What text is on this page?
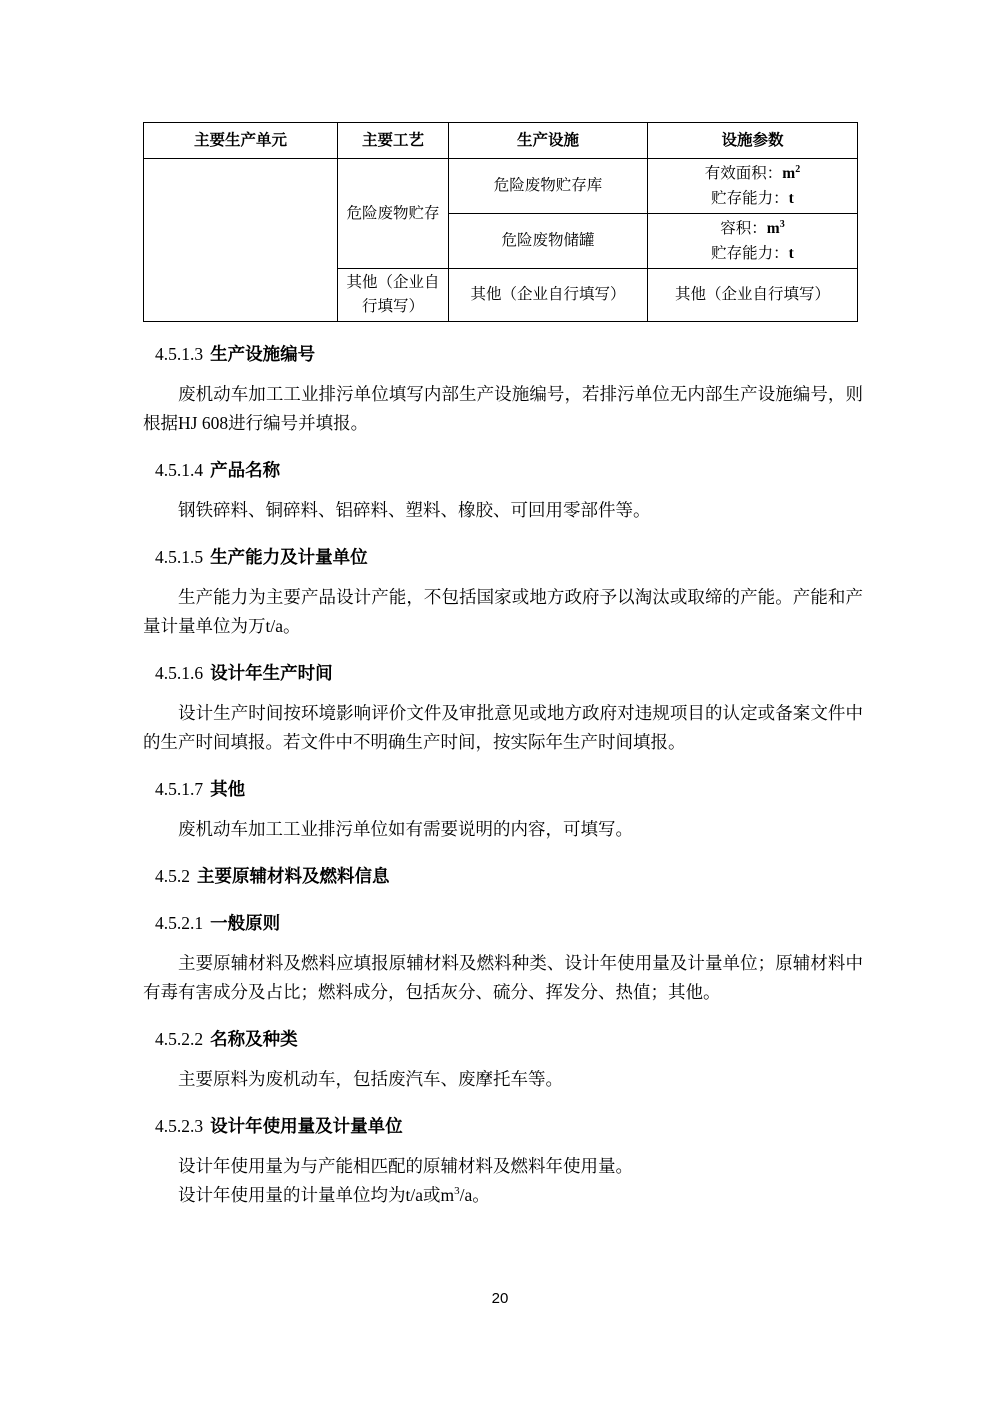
主要生产单元	主要工艺	生产设施	设施参数
	危险废物贮存	危险废物贮存库	有效面积：$m^2$
贮存能力：t

		危险废物储罐	容积：$m^3$
贮存能力：t

	其他（企业自行填写）	其他（企业自行填写）	其他（企业自行填写）
4.5.1.3 生产设施编号

废机动车加工工业排污单位填写内部生产设施编号，若排污单位无内部生产设施编号，则根据HJ 608进行编号并填报。

4.5.1.4 产品名称

钢铁碎料、铜碎料、铝碎料、塑料、橡胶、可回用零部件等。

4.5.1.5 生产能力及计量单位

生产能力为主要产品设计产能，不包括国家或地方政府予以淘汰或取缔的产能。产能和产量计量单位为万t/a。

4.5.1.6 设计年生产时间

设计生产时间按环境影响评价文件及审批意见或地方政府对违规项目的认定或备案文件中的生产时间填报。若文件中不明确生产时间，按实际年生产时间填报。

4.5.1.7 其他

废机动车加工工业排污单位如有需要说明的内容，可填写。

4.5.2 主要原辅材料及燃料信息
4.5.2.1 一般原则

主要原辅材料及燃料应填报原辅材料及燃料种类、设计年使用量及计量单位；原辅材料中有毒有害成分及占比；燃料成分，包括灰分、硫分、挥发分、热值；其他。

4.5.2.2 名称及种类

主要原料为废机动车，包括废汽车、废摩托车等。

4.5.2.3 设计年使用量及计量单位

设计年使用量为与产能相匹配的原辅材料及燃料年使用量。

设计年使用量的计量单位均为t/a或$m^3/a$。

20
